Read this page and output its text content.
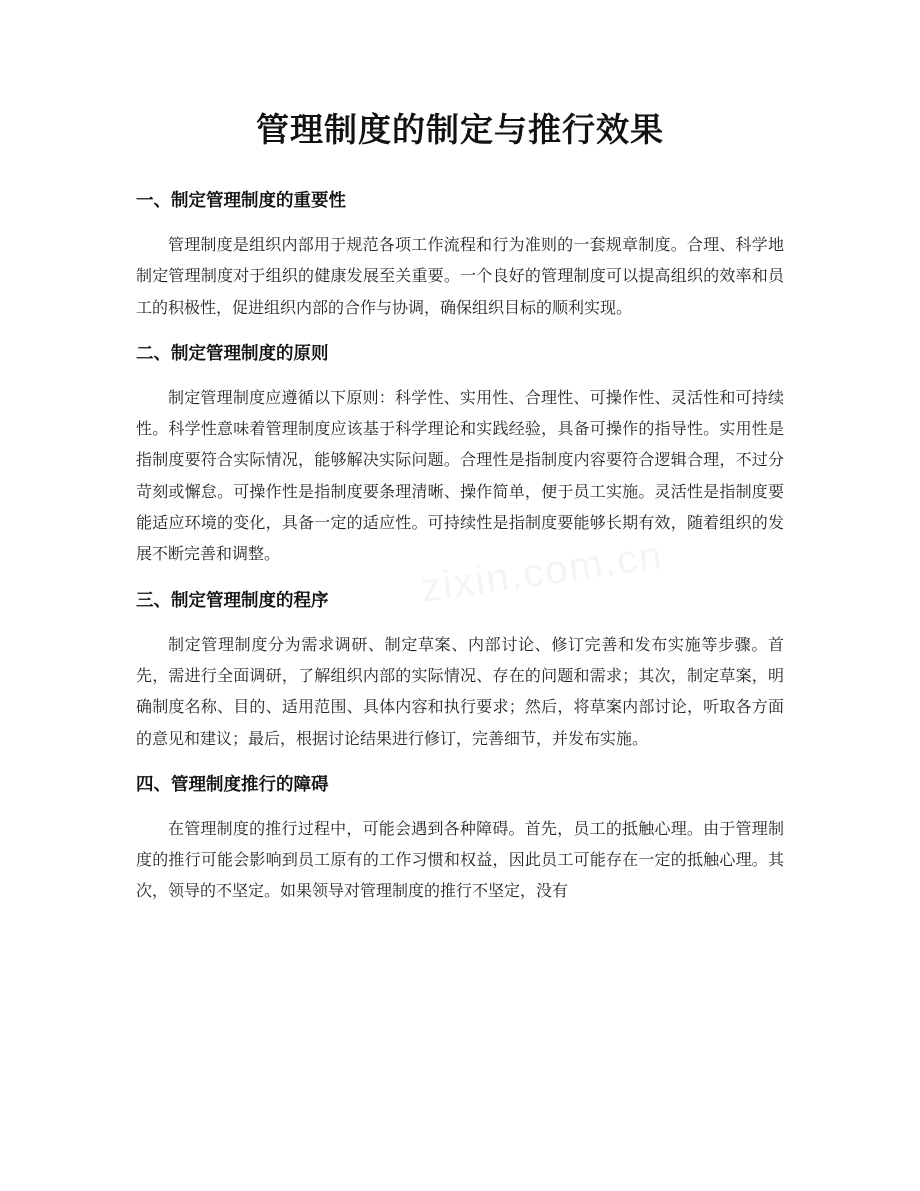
管理制度的制定与推行效果
一、制定管理制度的重要性
管理制度是组织内部用于规范各项工作流程和行为准则的一套规章制度。合理、科学地制定管理制度对于组织的健康发展至关重要。一个良好的管理制度可以提高组织的效率和员工的积极性，促进组织内部的合作与协调，确保组织目标的顺利实现。
二、制定管理制度的原则
制定管理制度应遵循以下原则：科学性、实用性、合理性、可操作性、灵活性和可持续性。科学性意味着管理制度应该基于科学理论和实践经验，具备可操作的指导性。实用性是指制度要符合实际情况，能够解决实际问题。合理性是指制度内容要符合逻辑合理，不过分苛刻或懈怠。可操作性是指制度要条理清晰、操作简单，便于员工实施。灵活性是指制度要能适应环境的变化，具备一定的适应性。可持续性是指制度要能够长期有效，随着组织的发展不断完善和调整。
三、制定管理制度的程序
制定管理制度分为需求调研、制定草案、内部讨论、修订完善和发布实施等步骤。首先，需进行全面调研，了解组织内部的实际情况、存在的问题和需求；其次，制定草案，明确制度名称、目的、适用范围、具体内容和执行要求；然后，将草案内部讨论，听取各方面的意见和建议；最后，根据讨论结果进行修订，完善细节，并发布实施。
四、管理制度推行的障碍
在管理制度的推行过程中，可能会遇到各种障碍。首先，员工的抵触心理。由于管理制度的推行可能会影响到员工原有的工作习惯和权益，因此员工可能存在一定的抵触心理。其次，领导的不坚定。如果领导对管理制度的推行不坚定，没有
